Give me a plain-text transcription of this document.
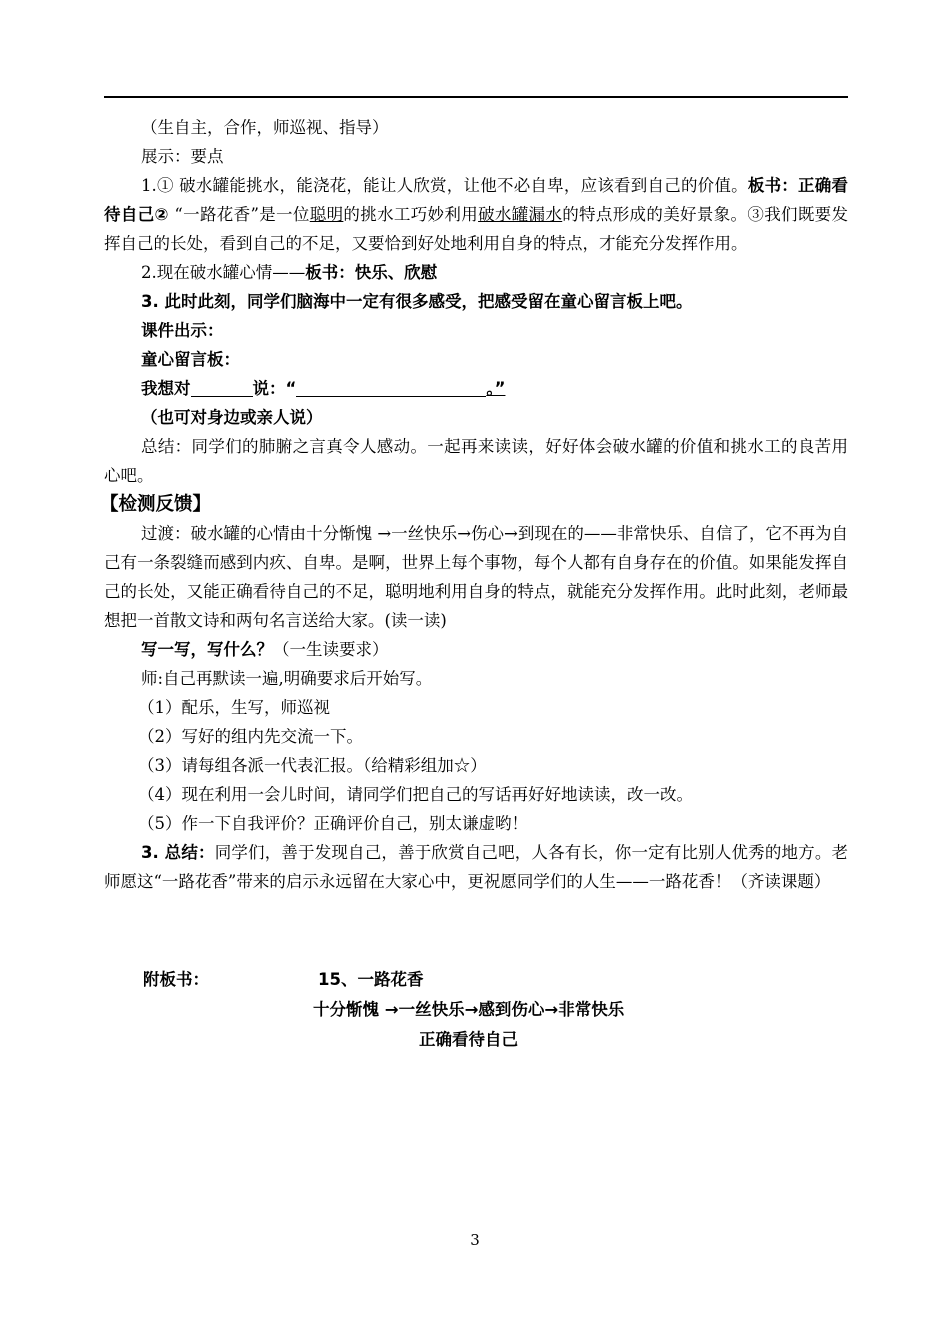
（生自主，合作，师巡视、指导）

展示：要点

1.① 破水罐能挑水，能浇花，能让人欣赏，让他不必自卑，应该看到自己的价值。板书：正确看待自己② “一路花香”是一位聪明的挑水工巧妙利用破水罐漏水的特点形成的美好景象。③我们既要发挥自己的长处，看到自己的不足，又要恰到好处地利用自身的特点，才能充分发挥作用。

2.现在破水罐心情——板书：快乐、欣慰

3. 此时此刻，同学们脑海中一定有很多感受，把感受留在童心留言板上吧。

课件出示：

童心留言板：

我想对	说：“	。”

（也可对身边或亲人说）

总结：同学们的肺腑之言真令人感动。一起再来读读，好好体会破水罐的价值和挑水工的良苦用心吧。

【检测反馈】

过渡：破水罐的心情由十分惭愧 →一丝快乐→伤心→到现在的——非常快乐、自信了，它不再为自己有一条裂缝而感到内疚、自卑。是啊，世界上每个事物，每个人都有自身存在的价值。如果能发挥自己的长处，又能正确看待自己的不足，聪明地利用自身的特点，就能充分发挥作用。此时此刻，老师最想把一首散文诗和两句名言送给大家。(读一读)

写一写，写什么？（一生读要求）

师:自己再默读一遍,明确要求后开始写。

（1）配乐，生写，师巡视

（2）写好的组内先交流一下。

（3）请每组各派一代表汇报。（给精彩组加☆）

（4）现在利用一会儿时间，请同学们把自己的写话再好好地读读，改一改。

（5）作一下自我评价？正确评价自己，别太谦虚哟！

3. 总结：同学们，善于发现自己，善于欣赏自己吧，人各有长，你一定有比别人优秀的地方。老师愿这“一路花香”带来的启示永远留在大家心中，更祝愿同学们的人生——一路花香！（齐读课题）

附板书：	15、一路花香
十分惭愧 →一丝快乐→感到伤心→非常快乐
正确看待自己
3
